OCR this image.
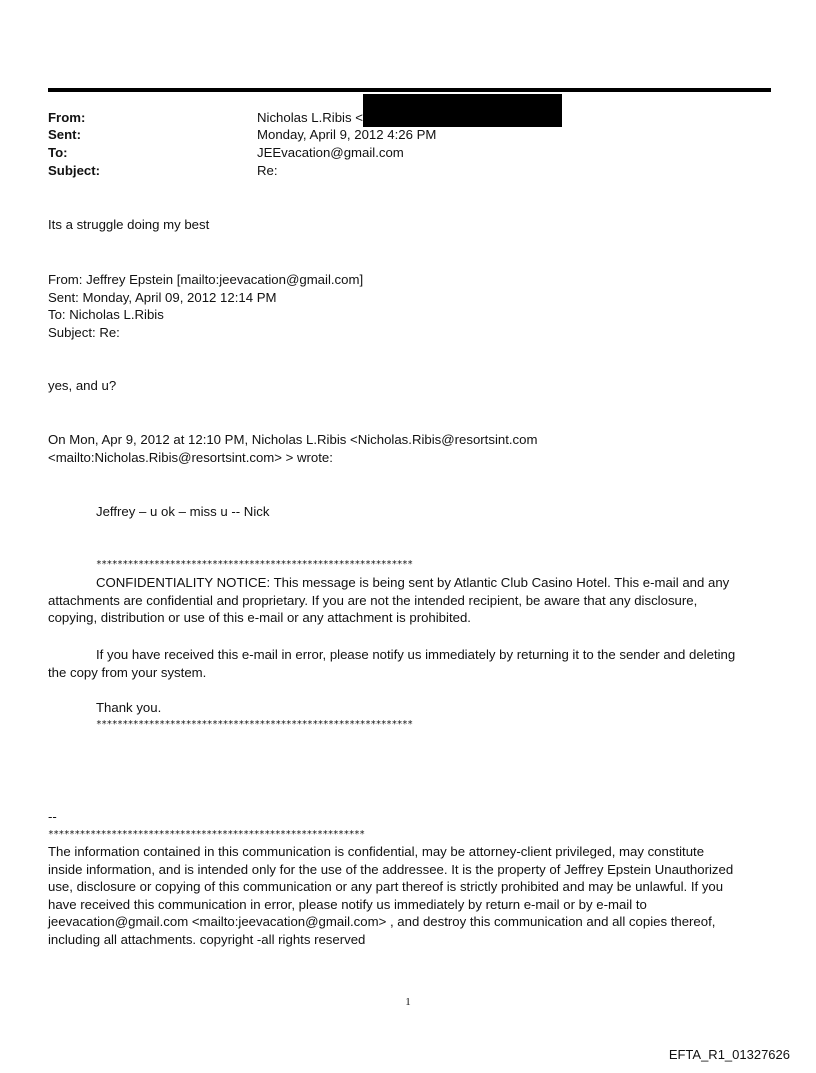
From:	Nicholas L.Ribis <
Sent:	Monday, April 9, 2012 4:26 PM
To:	JEEvacation@gmail.com
Subject:	Re:
Its a struggle doing my best
From: Jeffrey Epstein [mailto:jeevacation@gmail.com]
Sent: Monday, April 09, 2012 12:14 PM
To: Nicholas L.Ribis
Subject: Re:
yes, and u?
On Mon, Apr 9, 2012 at 12:10 PM, Nicholas L.Ribis <Nicholas.Ribis@resortsint.com
<mailto:Nicholas.Ribis@resortsint.com> > wrote:
Jeffrey – u ok – miss u -- Nick
************************************************************
CONFIDENTIALITY NOTICE: This message is being sent by Atlantic Club Casino Hotel. This e-mail and any
attachments are confidential and proprietary. If you are not the intended recipient, be aware that any disclosure,
copying, distribution or use of this e-mail or any attachment is prohibited.
If you have received this e-mail in error, please notify us immediately by returning it to the sender and deleting
the copy from your system.
Thank you.
************************************************************
--
************************************************************
The information contained in this communication is confidential, may be attorney-client privileged, may constitute
inside information, and is intended only for the use of the addressee. It is the property of Jeffrey Epstein Unauthorized
use, disclosure or copying of this communication or any part thereof is strictly prohibited and may be unlawful. If you
have received this communication in error, please notify us immediately by return e-mail or by e-mail to
jeevacation@gmail.com <mailto:jeevacation@gmail.com> , and destroy this communication and all copies thereof,
including all attachments. copyright -all rights reserved
1
EFTA_R1_01327626
